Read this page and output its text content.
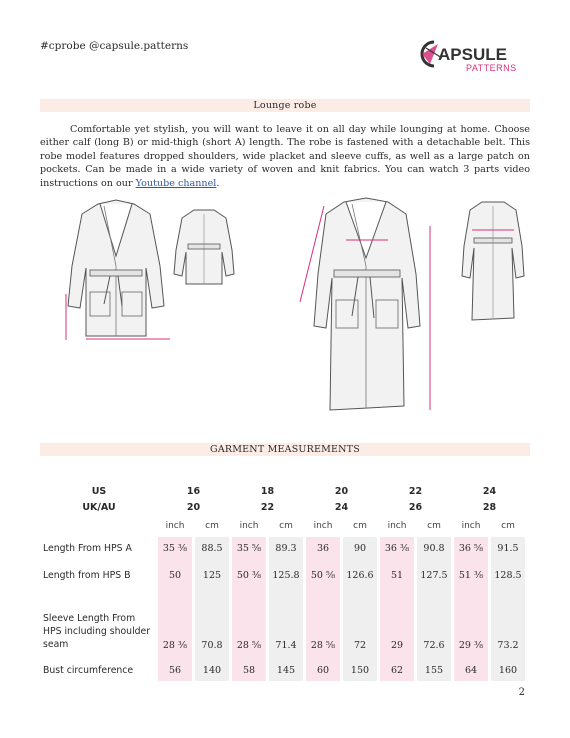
#cprobe @capsule.patterns	APSULE
PATTERNS
Lounge robe

Comfortable yet stylish, you will want to leave it on all day while lounging at home. Choose either calf (long B) or mid-thigh (short A) length. The robe is fastened with a detachable belt. This robe model features dropped shoulders, wide placket and sleeve cuffs, as well as a large patch on pockets. Can be made in a wide variety of woven and knit fabrics. You can watch 3 parts video instructions on our Youtube channel.

GARMENT MEASUREMENTS
US	16		18		20		22		24	
UK/AU	20		22		24		26		28	
	inch	cm	inch	cm	inch	cm	inch	cm	inch	cm
Length From HPS A	35 ⅜	88.5	35 ⅝	89.3	36	90	36 ⅜	90.8	36 ⅝	91.5

Length from HPS B	50	125	50 ⅜	125.8	50 ⅝	126.6	51	127.5	51 ⅜	128.5

Sleeve Length From HPS including shoulder seam	28 ⅜	70.8	28 ⅝	71.4	28 ⅝	72	29	72.6	29 ⅜	73.2

Bust circumference	56	140	58	145	60	150	62	155	64	160
2
